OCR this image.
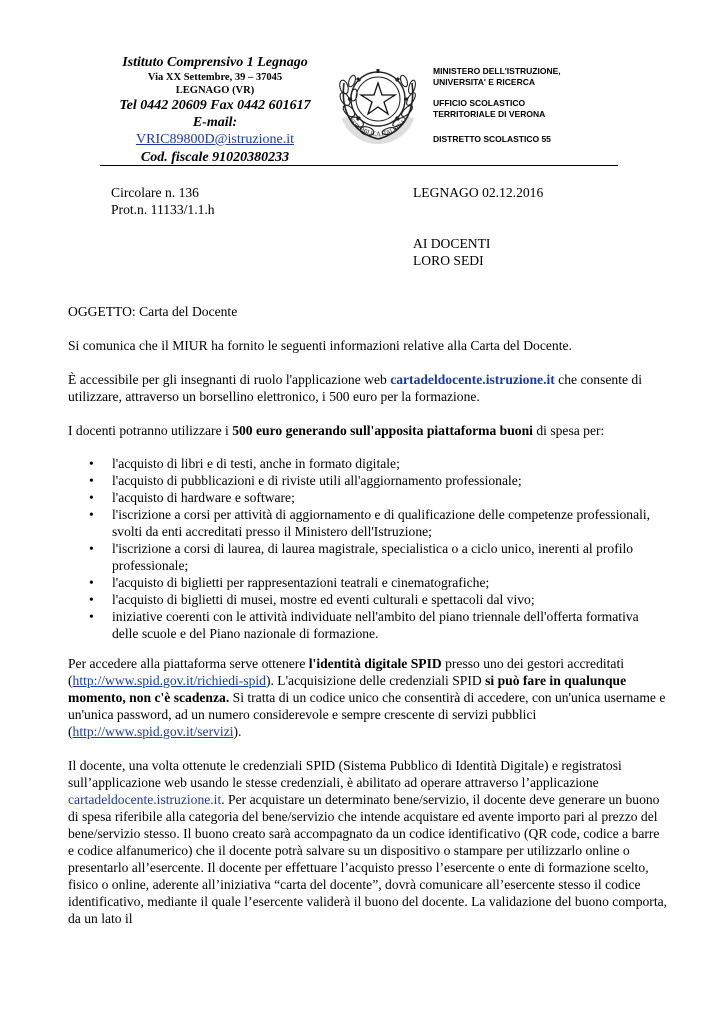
Istituto Comprensivo 1 Legnago
Via XX Settembre, 39 – 37045
LEGNAGO (VR)
Tel 0442 20609 Fax 0442 601617
E-mail:
VRIC89800D@istruzione.it
Cod. fiscale 91020380233
REPVBBLICA ITALIANA

MINISTERO DELL'ISTRUZIONE,
UNIVERSITA' E RICERCA

UFFICIO SCOLASTICO
TERRITORIALE DI VERONA

DISTRETTO SCOLASTICO 55

Circolare n. 136
Prot.n. 11133/1.1.h
LEGNAGO 02.12.2016
AI DOCENTI
LORO SEDI
OGGETTO: Carta del Docente

Si comunica che il MIUR ha fornito le seguenti informazioni relative alla Carta del Docente.

È accessibile per gli insegnanti di ruolo l'applicazione web cartadeldocente.istruzione.it che consente di utilizzare, attraverso un borsellino elettronico, i 500 euro per la formazione.

I docenti potranno utilizzare i 500 euro generando sull'apposita piattaforma buoni di spesa per:

• l'acquisto di libri e di testi, anche in formato digitale;
• l'acquisto di pubblicazioni e di riviste utili all'aggiornamento professionale;
• l'acquisto di hardware e software;
• l'iscrizione a corsi per attività di aggiornamento e di qualificazione delle competenze professionali, svolti da enti accreditati presso il Ministero dell'Istruzione;
• l'iscrizione a corsi di laurea, di laurea magistrale, specialistica o a ciclo unico, inerenti al profilo professionale;
• l'acquisto di biglietti per rappresentazioni teatrali e cinematografiche;
• l'acquisto di biglietti di musei, mostre ed eventi culturali e spettacoli dal vivo;
• iniziative coerenti con le attività individuate nell'ambito del piano triennale dell'offerta formativa delle scuole e del Piano nazionale di formazione.

Per accedere alla piattaforma serve ottenere l'identità digitale SPID presso uno dei gestori accreditati (http://www.spid.gov.it/richiedi-spid). L'acquisizione delle credenziali SPID si può fare in qualunque momento, non c'è scadenza. Si tratta di un codice unico che consentirà di accedere, con un'unica username e un'unica password, ad un numero considerevole e sempre crescente di servizi pubblici (http://www.spid.gov.it/servizi).

Il docente, una volta ottenute le credenziali SPID (Sistema Pubblico di Identità Digitale) e registratosi sull’applicazione web usando le stesse credenziali, è abilitato ad operare attraverso l’applicazione cartadeldocente.istruzione.it. Per acquistare un determinato bene/servizio, il docente deve generare un buono di spesa riferibile alla categoria del bene/servizio che intende acquistare ed avente importo pari al prezzo del bene/servizio stesso. Il buono creato sarà accompagnato da un codice identificativo (QR code, codice a barre e codice alfanumerico) che il docente potrà salvare su un dispositivo o stampare per utilizzarlo online o presentarlo all’esercente. Il docente per effettuare l’acquisto presso l’esercente o ente di formazione scelto, fisico o online, aderente all’iniziativa “carta del docente”, dovrà comunicare all’esercente stesso il codice identificativo, mediante il quale l’esercente validerà il buono del docente. La validazione del buono comporta, da un lato il
